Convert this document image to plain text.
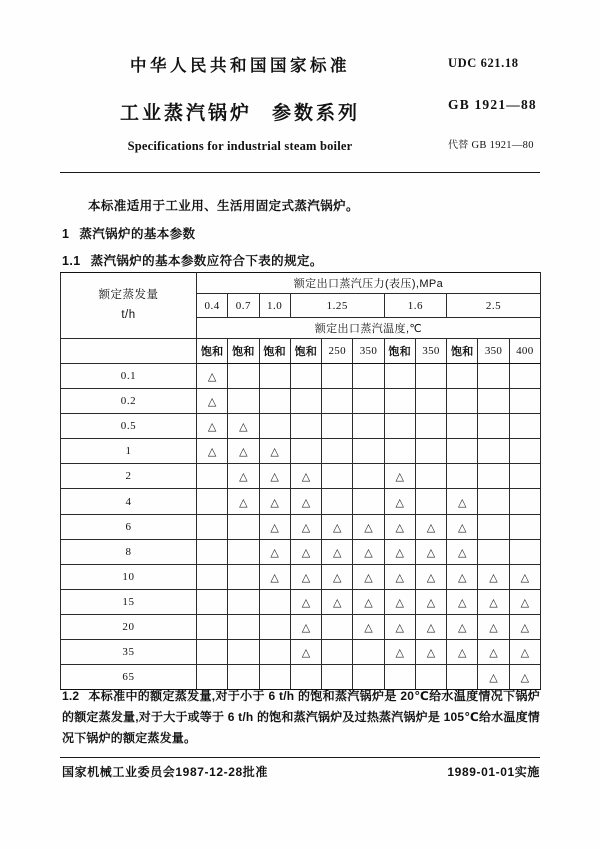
中华人民共和国国家标准
工业蒸汽锅炉 参数系列
Specifications for industrial steam boiler
UDC 621.18
GB 1921—88
代替 GB 1921—80
本标准适用于工业用、生活用固定式蒸汽锅炉。
1 蒸汽锅炉的基本参数
1.1 蒸汽锅炉的基本参数应符合下表的规定。
额定蒸发量
t/h	额定出口蒸汽压力(表压),MPa										
	0.4	0.7	1.0	1.25			1.6		2.5		
	额定出口蒸汽温度,℃										
	饱和	饱和	饱和	饱和	250	350	饱和	350	饱和	350	400
0.1	△										
0.2	△										
0.5	△	△									
1	△	△	△								
2		△	△	△			△				
4		△	△	△			△		△		
6			△	△	△	△	△	△	△		
8			△	△	△	△	△	△	△		
10			△	△	△	△	△	△	△	△	△
15				△	△	△	△	△	△	△	△
20				△		△	△	△	△	△	△
35				△			△	△	△	△	△
65										△	△
1.2 本标准中的额定蒸发量,对于小于 6 t/h 的饱和蒸汽锅炉是 20℃给水温度情况下锅炉的额定蒸发量,对于大于或等于 6 t/h 的饱和蒸汽锅炉及过热蒸汽锅炉是 105℃给水温度情况下锅炉的额定蒸发量。
国家机械工业委员会1987-12-28批准	1989-01-01实施
